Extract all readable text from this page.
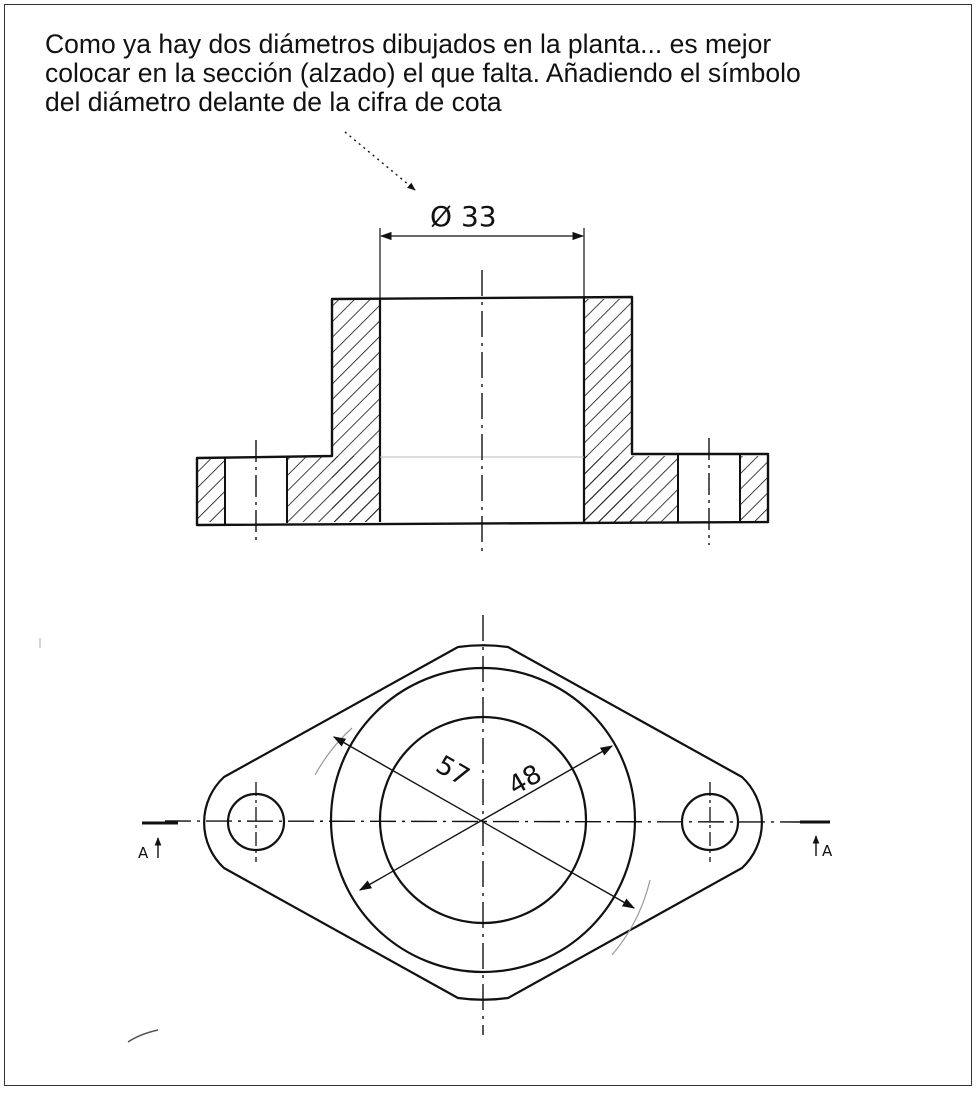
Como ya hay dos diámetros dibujados en la planta... es mejor
colocar en la sección (alzado) el que falta. Añadiendo el símbolo
del diámetro delante de la cifra de cota
Ø 33
57 48
A	A
